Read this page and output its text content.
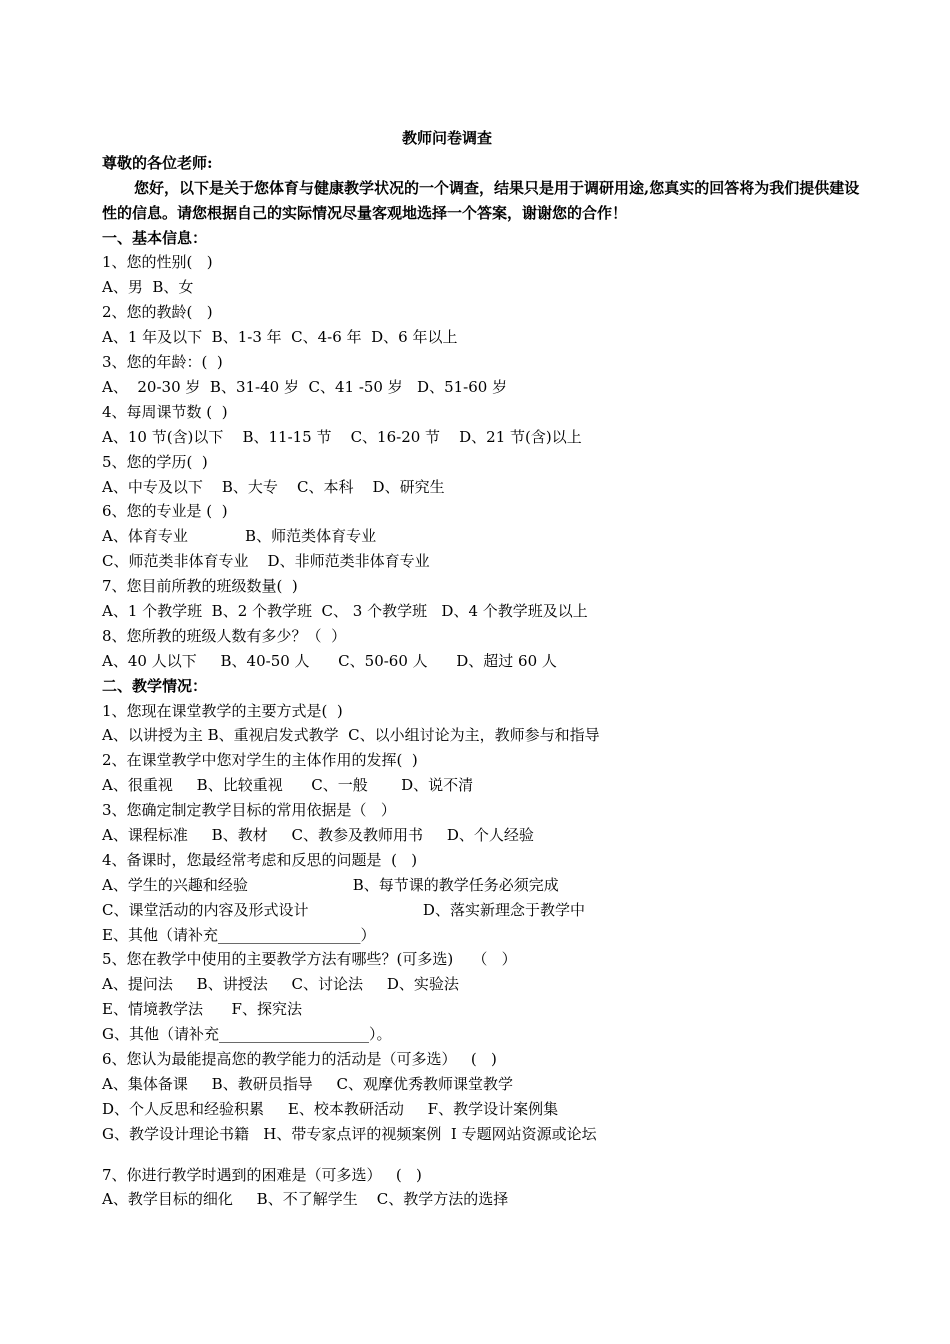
教师问卷调查
尊敬的各位老师:
您好，以下是关于您体育与健康教学状况的一个调查，结果只是用于调研用途,您真实的回答将为我们提供建设性的信息。请您根据自己的实际情况尽量客观地选择一个答案，谢谢您的合作！
一、基本信息：
1、您的性别(   )
A、男  B、女
2、您的教龄(   )
A、1 年及以下  B、1-3 年  C、4-6 年  D、6 年以上
3、您的年龄：(  )
A、  20-30 岁  B、31-40 岁  C、41 -50 岁   D、51-60 岁
4、每周课节数 (  )
A、10 节(含)以下    B、11-15 节    C、16-20 节    D、21 节(含)以上
5、您的学历(  )
A、中专及以下    B、大专    C、本科    D、研究生
6、您的专业是 (  )
A、体育专业            B、师范类体育专业
C、师范类非体育专业    D、非师范类非体育专业
7、您目前所教的班级数量(  )
A、1 个教学班  B、2 个教学班  C、 3 个教学班   D、4 个教学班及以上
8、您所教的班级人数有多少？（  ）
A、40 人以下     B、40-50 人      C、50-60 人      D、超过 60 人
二、教学情况：
1、您现在课堂教学的主要方式是(  )
A、以讲授为主 B、重视启发式教学  C、以小组讨论为主，教师参与和指导
2、在课堂教学中您对学生的主体作用的发挥(  )
A、很重视     B、比较重视      C、一般       D、说不清
3、您确定制定教学目标的常用依据是（   ）
A、课程标准     B、教材     C、教参及教师用书     D、个人经验
4、备课时，您最经常考虑和反思的问题是  (   )
A、学生的兴趣和经验                      B、每节课的教学任务必须完成
C、课堂活动的内容及形式设计                        D、落实新理念于教学中
E、其他（请补充___________________）
5、您在教学中使用的主要教学方法有哪些？(可多选)    （   ）
A、提问法     B、讲授法     C、讨论法     D、实验法
E、情境教学法      F、探究法
G、其他（请补充____________________）。
6、您认为最能提高您的教学能力的活动是（可多选）   (   )
A、集体备课     B、教研员指导     C、观摩优秀教师课堂教学
D、个人反思和经验积累     E、校本教研活动     F、教学设计案例集
G、教学设计理论书籍   H、带专家点评的视频案例  I 专题网站资源或论坛
7、你进行教学时遇到的困难是（可多选）   (   )
A、教学目标的细化     B、不了解学生    C、教学方法的选择
